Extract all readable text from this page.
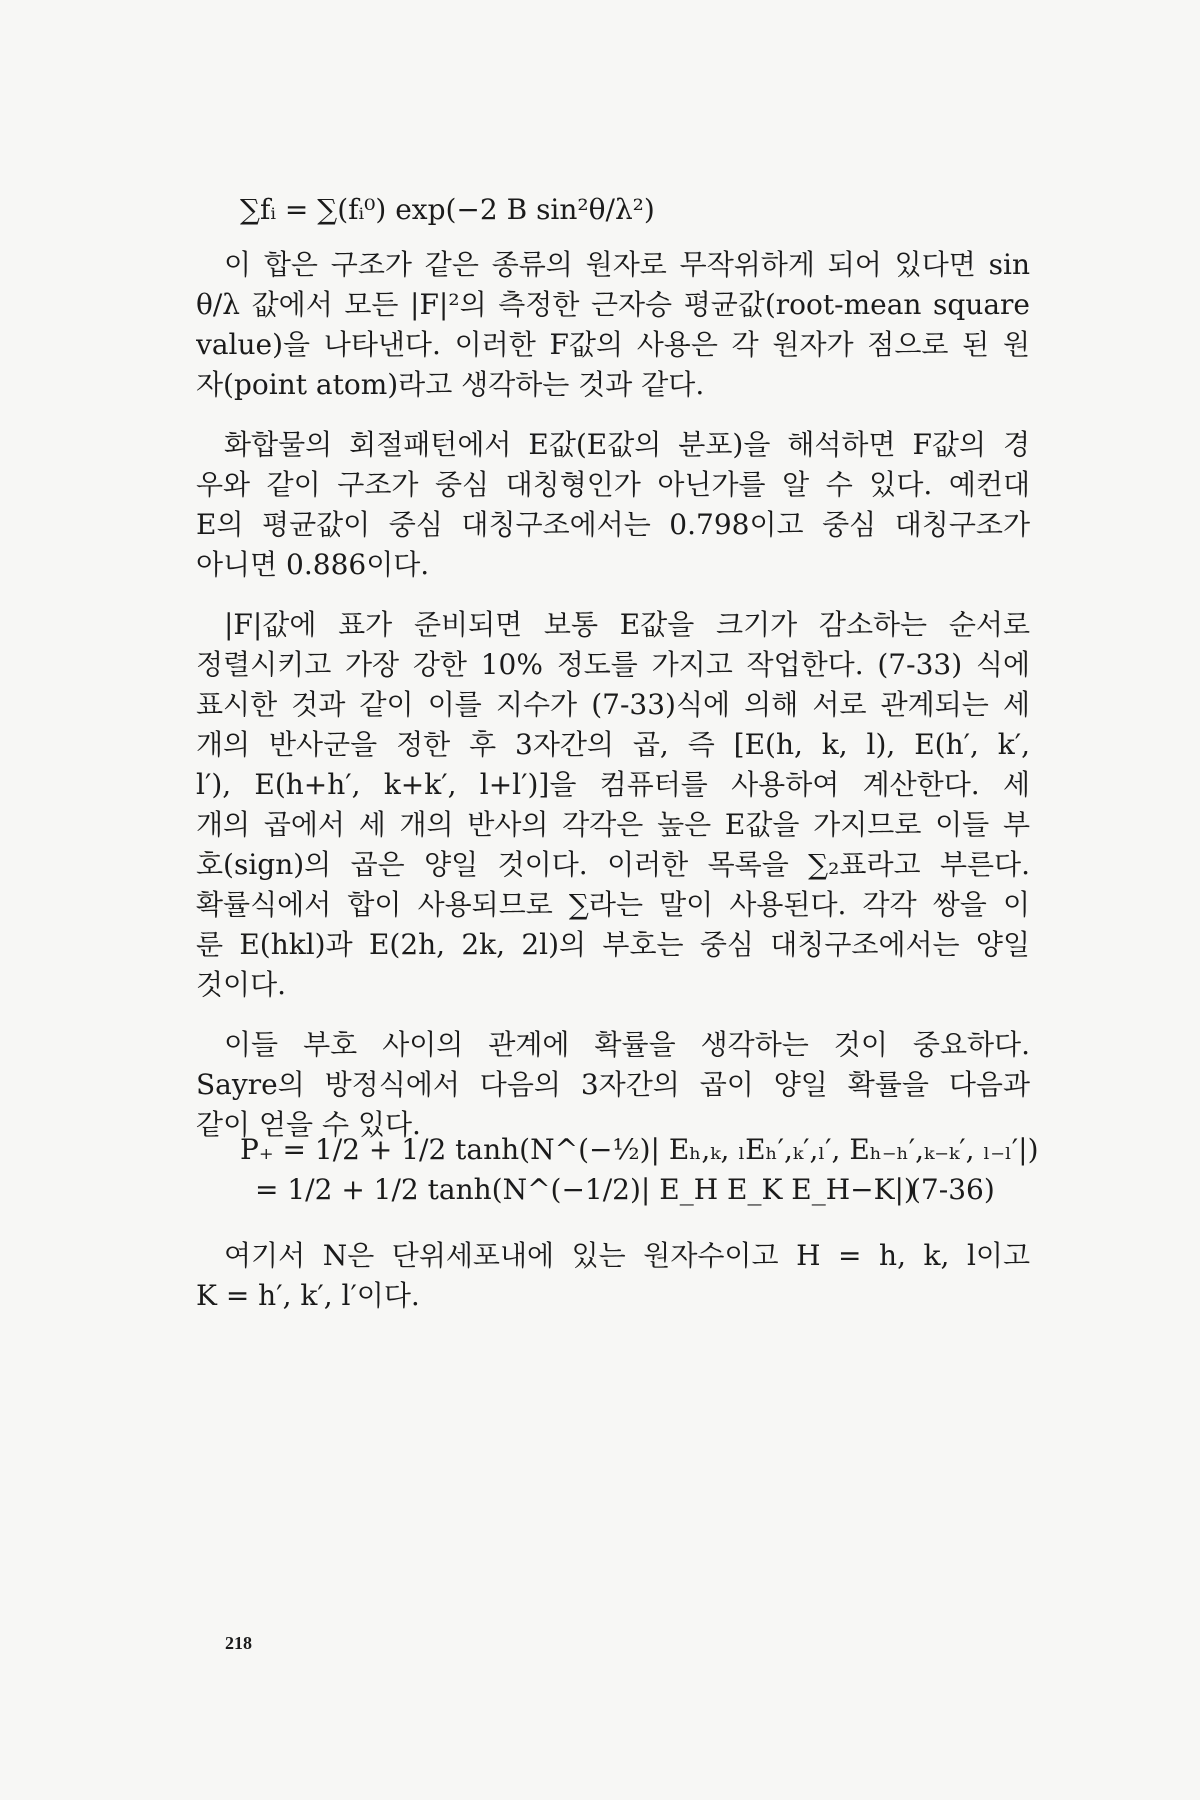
∑fᵢ = ∑(fᵢ⁰) exp(−2 B sin²θ/λ²)
이 합은 구조가 같은 종류의 원자로 무작위하게 되어 있다면 sin
θ/λ 값에서 모든 |F|²의 측정한 근자승 평균값(root-mean square
value)을 나타낸다. 이러한 F값의 사용은 각 원자가 점으로 된 원
자(point atom)라고 생각하는 것과 같다.
화합물의 회절패턴에서 E값(E값의 분포)을 해석하면 F값의 경
우와 같이 구조가 중심 대칭형인가 아닌가를 알 수 있다. 예컨대
E의 평균값이 중심 대칭구조에서는 0.798이고 중심 대칭구조가
아니면 0.886이다.
|F|값에 표가 준비되면 보통 E값을 크기가 감소하는 순서로
정렬시키고 가장 강한 10% 정도를 가지고 작업한다. (7-33) 식에
표시한 것과 같이 이를 지수가 (7-33)식에 의해 서로 관계되는 세
개의 반사군을 정한 후 3자간의 곱, 즉 [E(h, k, l), E(h′, k′,
l′), E(h+h′, k+k′, l+l′)]을 컴퓨터를 사용하여 계산한다. 세
개의 곱에서 세 개의 반사의 각각은 높은 E값을 가지므로 이들 부
호(sign)의 곱은 양일 것이다. 이러한 목록을 ∑₂표라고 부른다.
확률식에서 합이 사용되므로 ∑라는 말이 사용된다. 각각 쌍을 이
룬 E(hkl)과 E(2h, 2k, 2l)의 부호는 중심 대칭구조에서는 양일
것이다.
이들 부호 사이의 관계에 확률을 생각하는 것이 중요하다.
Sayre의 방정식에서 다음의 3자간의 곱이 양일 확률을 다음과
같이 얻을 수 있다.
P₊ = 1/2 + 1/2 tanh(N^(−½)| Eₕ,ₖ, ₗEₕ′,ₖ′,ₗ′, Eₕ₋ₕ′,ₖ₋ₖ′, ₗ₋ₗ′|)
= 1/2 + 1/2 tanh(N^(−1/2)| E_H E_K E_H−K|)
(7-36)
여기서 N은 단위세포내에 있는 원자수이고 H = h, k, l이고
K = h′, k′, l′이다.
218
